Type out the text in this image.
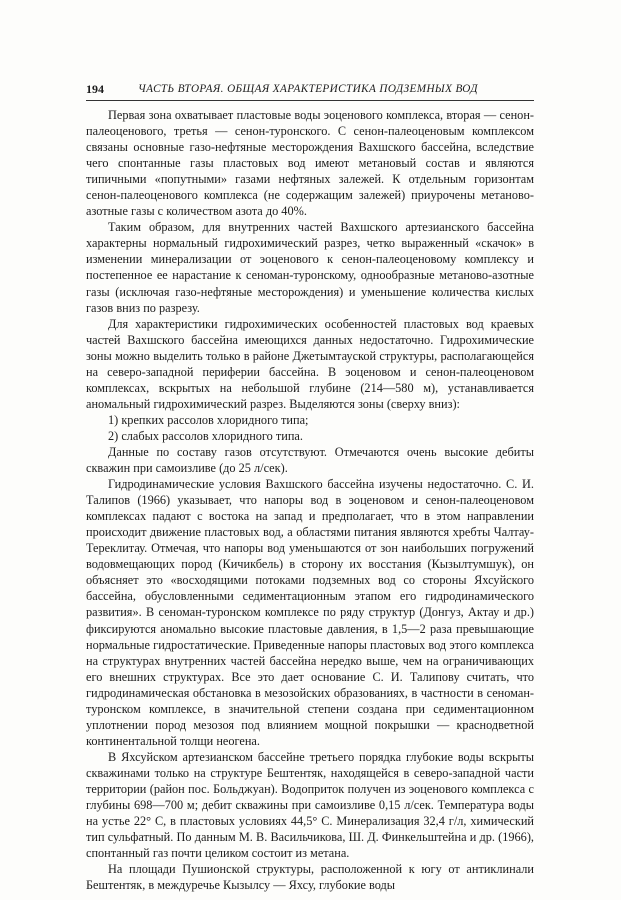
194	ЧАСТЬ ВТОРАЯ. ОБЩАЯ ХАРАКТЕРИСТИКА ПОДЗЕМНЫХ ВОД

Первая зона охватывает пластовые воды эоценового комплекса, вторая — сенон-палеоценового, третья — сенон-туронского. С сенон-палеоценовым комплексом связаны основные газо-нефтяные месторождения Вахшского бассейна, вследствие чего спонтанные газы пластовых вод имеют метановый состав и являются типичными «попутными» газами нефтяных залежей. К отдельным горизонтам сенон-палеоценового комплекса (не содержащим залежей) приурочены метаново-азотные газы с количеством азота до 40%.

Таким образом, для внутренних частей Вахшского артезианского бассейна характерны нормальный гидрохимический разрез, четко выраженный «скачок» в изменении минерализации от эоценового к сенон-палеоценовому комплексу и постепенное ее нарастание к сеноман-туронскому, однообразные метаново-азотные газы (исключая газо-нефтяные месторождения) и уменьшение количества кислых газов вниз по разрезу.

Для характеристики гидрохимических особенностей пластовых вод краевых частей Вахшского бассейна имеющихся данных недостаточно. Гидрохимические зоны можно выделить только в районе Джетымтауской структуры, располагающейся на северо-западной периферии бассейна. В эоценовом и сенон-палеоценовом комплексах, вскрытых на небольшой глубине (214—580 м), устанавливается аномальный гидрохимический разрез. Выделяются зоны (сверху вниз):

1) крепких рассолов хлоридного типа;

2) слабых рассолов хлоридного типа.

Данные по составу газов отсутствуют. Отмечаются очень высокие дебиты скважин при самоизливе (до 25 л/сек).

Гидродинамические условия Вахшского бассейна изучены недостаточно. С. И. Талипов (1966) указывает, что напоры вод в эоценовом и сенон-палеоценовом комплексах падают с востока на запад и предполагает, что в этом направлении происходит движение пластовых вод, а областями питания являются хребты Чалтау-Тереклитау. Отмечая, что напоры вод уменьшаются от зон наибольших погружений водовмещающих пород (Кичикбель) в сторону их восстания (Кызылтумшук), он объясняет это «восходящими потоками подземных вод со стороны Яхсуйского бассейна, обусловленными седиментационным этапом его гидродинамического развития». В сеноман-туронском комплексе по ряду структур (Донгуз, Актау и др.) фиксируются аномально высокие пластовые давления, в 1,5—2 раза превышающие нормальные гидростатические. Приведенные напоры пластовых вод этого комплекса на структурах внутренних частей бассейна нередко выше, чем на ограничивающих его внешних структурах. Все это дает основание С. И. Талипову считать, что гидродинамическая обстановка в мезозойских образованиях, в частности в сеноман-туронском комплексе, в значительной степени создана при седиментационном уплотнении пород мезозоя под влиянием мощной покрышки — краснодветной континентальной толщи неогена.

В Яхсуйском артезианском бассейне третьего порядка глубокие воды вскрыты скважинами только на структуре Бештентяк, находящейся в северо-западной части территории (район пос. Больджуан). Водоприток получен из эоценового комплекса с глубины 698—700 м; дебит скважины при самоизливе 0,15 л/сек. Температура воды на устье 22° С, в пластовых условиях 44,5° С. Минерализация 32,4 г/л, химический тип сульфатный. По данным М. В. Васильчикова, Ш. Д. Финкельштейна и др. (1966), спонтанный газ почти целиком состоит из метана.

На площади Пушионской структуры, расположенной к югу от антиклинали Бештентяк, в междуречье Кызылсу — Яхсу, глубокие воды
